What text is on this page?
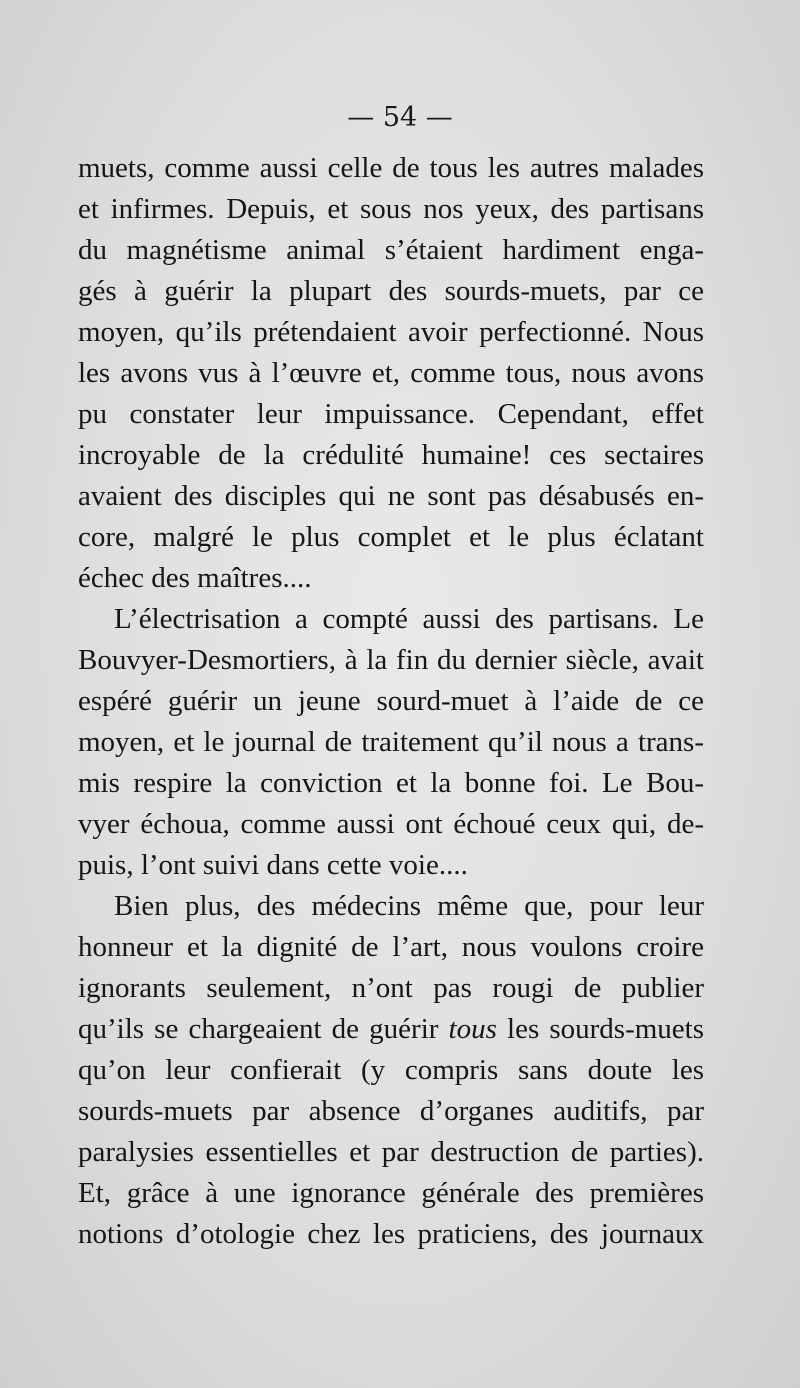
— 54 —
muets, comme aussi celle de tous les autres malades
et infirmes. Depuis, et sous nos yeux, des partisans
du magnétisme animal s’étaient hardiment enga-
gés à guérir la plupart des sourds-muets, par ce
moyen, qu’ils prétendaient avoir perfectionné. Nous
les avons vus à l’œuvre et, comme tous, nous avons
pu constater leur impuissance. Cependant, effet
incroyable de la crédulité humaine! ces sectaires
avaient des disciples qui ne sont pas désabusés en-
core, malgré le plus complet et le plus éclatant
échec des maîtres....
L’électrisation a compté aussi des partisans. Le
Bouvyer-Desmortiers, à la fin du dernier siècle, avait
espéré guérir un jeune sourd-muet à l’aide de ce
moyen, et le journal de traitement qu’il nous a trans-
mis respire la conviction et la bonne foi. Le Bou-
vyer échoua, comme aussi ont échoué ceux qui, de-
puis, l’ont suivi dans cette voie....
Bien plus, des médecins même que, pour leur
honneur et la dignité de l’art, nous voulons croire
ignorants seulement, n’ont pas rougi de publier
qu’ils se chargeaient de guérir tous les sourds-muets
qu’on leur confierait (y compris sans doute les
sourds-muets par absence d’organes auditifs, par
paralysies essentielles et par destruction de parties).
Et, grâce à une ignorance générale des premières
notions d’otologie chez les praticiens, des journaux
